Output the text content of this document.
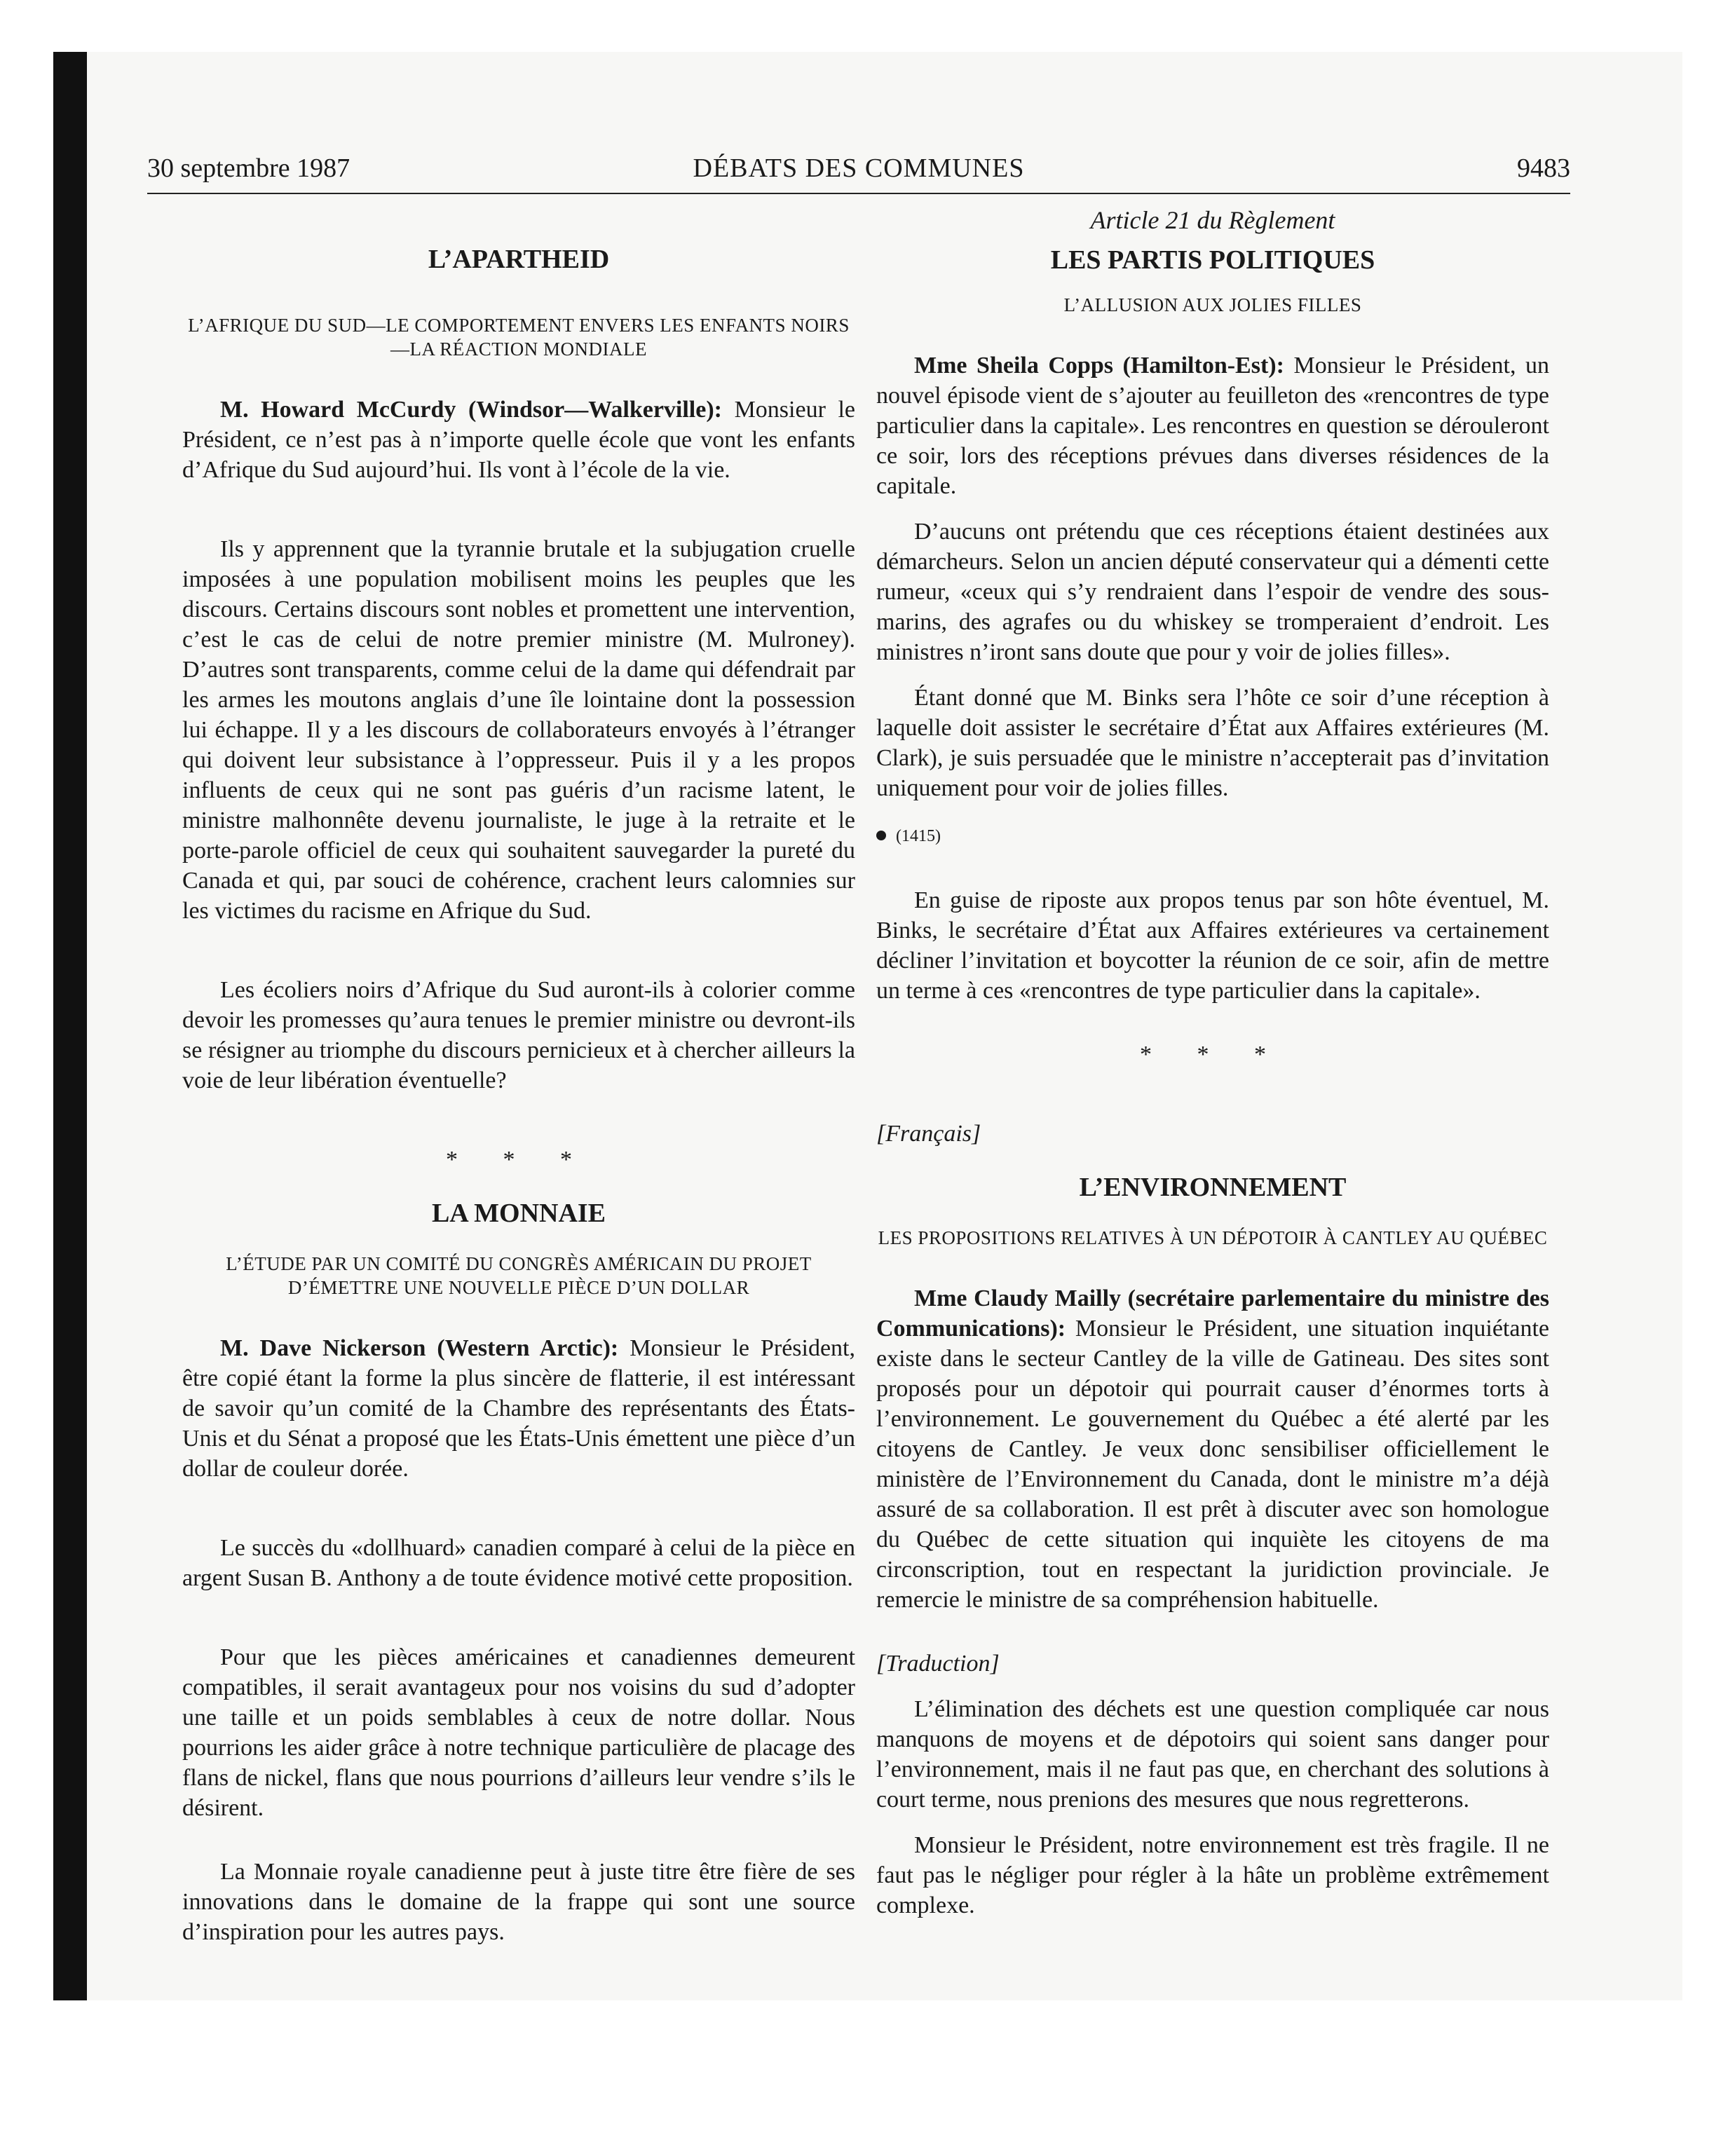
DÉBATS DES COMMUNES
30 septembre 1987	9483

L’APARTHEID

L’AFRIQUE DU SUD—LE COMPORTEMENT ENVERS LES ENFANTS NOIRS—LA RÉACTION MONDIALE

M. Howard McCurdy (Windsor—Walkerville): Monsieur le Président, ce n’est pas à n’importe quelle école que vont les enfants d’Afrique du Sud aujourd’hui. Ils vont à l’école de la vie.

Ils y apprennent que la tyrannie brutale et la subjugation cruelle imposées à une population mobilisent moins les peuples que les discours. Certains discours sont nobles et promettent une intervention, c’est le cas de celui de notre premier ministre (M. Mulroney). D’autres sont transparents, comme celui de la dame qui défendrait par les armes les moutons anglais d’une île lointaine dont la possession lui échappe. Il y a les discours de collaborateurs envoyés à l’étranger qui doivent leur subsistance à l’oppresseur. Puis il y a les propos influents de ceux qui ne sont pas guéris d’un racisme latent, le ministre malhonnête devenu journaliste, le juge à la retraite et le porte-parole officiel de ceux qui souhaitent sauvegarder la pureté du Canada et qui, par souci de cohérence, crachent leurs calomnies sur les victimes du racisme en Afrique du Sud.

Les écoliers noirs d’Afrique du Sud auront-ils à colorier comme devoir les promesses qu’aura tenues le premier ministre ou devront-ils se résigner au triomphe du discours pernicieux et à chercher ailleurs la voie de leur libération éventuelle?

* * *

LA MONNAIE

L’ÉTUDE PAR UN COMITÉ DU CONGRÈS AMÉRICAIN DU PROJET D’ÉMETTRE UNE NOUVELLE PIÈCE D’UN DOLLAR

M. Dave Nickerson (Western Arctic): Monsieur le Président, être copié étant la forme la plus sincère de flatterie, il est intéressant de savoir qu’un comité de la Chambre des représentants des États-Unis et du Sénat a proposé que les États-Unis émettent une pièce d’un dollar de couleur dorée.

Le succès du «dollhuard» canadien comparé à celui de la pièce en argent Susan B. Anthony a de toute évidence motivé cette proposition.

Pour que les pièces américaines et canadiennes demeurent compatibles, il serait avantageux pour nos voisins du sud d’adopter une taille et un poids semblables à ceux de notre dollar. Nous pourrions les aider grâce à notre technique particulière de placage des flans de nickel, flans que nous pourrions d’ailleurs leur vendre s’ils le désirent.

La Monnaie royale canadienne peut à juste titre être fière de ses innovations dans le domaine de la frappe qui sont une source d’inspiration pour les autres pays.

Article 21 du Règlement

LES PARTIS POLITIQUES

L’ALLUSION AUX JOLIES FILLES

Mme Sheila Copps (Hamilton-Est): Monsieur le Président, un nouvel épisode vient de s’ajouter au feuilleton des «rencontres de type particulier dans la capitale». Les rencontres en question se dérouleront ce soir, lors des réceptions prévues dans diverses résidences de la capitale.

D’aucuns ont prétendu que ces réceptions étaient destinées aux démarcheurs. Selon un ancien député conservateur qui a démenti cette rumeur, «ceux qui s’y rendraient dans l’espoir de vendre des sous-marins, des agrafes ou du whiskey se tromperaient d’endroit. Les ministres n’iront sans doute que pour y voir de jolies filles».

Étant donné que M. Binks sera l’hôte ce soir d’une réception à laquelle doit assister le secrétaire d’État aux Affaires extérieures (M. Clark), je suis persuadée que le ministre n’accepterait pas d’invitation uniquement pour voir de jolies filles.

(1415)

En guise de riposte aux propos tenus par son hôte éventuel, M. Binks, le secrétaire d’État aux Affaires extérieures va certainement décliner l’invitation et boycotter la réunion de ce soir, afin de mettre un terme à ces «rencontres de type particulier dans la capitale».

* * *

[Français]

L’ENVIRONNEMENT

LES PROPOSITIONS RELATIVES À UN DÉPOTOIR À CANTLEY AU QUÉBEC

Mme Claudy Mailly (secrétaire parlementaire du ministre des Communications): Monsieur le Président, une situation inquiétante existe dans le secteur Cantley de la ville de Gatineau. Des sites sont proposés pour un dépotoir qui pourrait causer d’énormes torts à l’environnement. Le gouvernement du Québec a été alerté par les citoyens de Cantley. Je veux donc sensibiliser officiellement le ministère de l’Environnement du Canada, dont le ministre m’a déjà assuré de sa collaboration. Il est prêt à discuter avec son homologue du Québec de cette situation qui inquiète les citoyens de ma circonscription, tout en respectant la juridiction provinciale. Je remercie le ministre de sa compréhension habituelle.

[Traduction]

L’élimination des déchets est une question compliquée car nous manquons de moyens et de dépotoirs qui soient sans danger pour l’environnement, mais il ne faut pas que, en cherchant des solutions à court terme, nous prenions des mesures que nous regretterons.

Monsieur le Président, notre environnement est très fragile. Il ne faut pas le négliger pour régler à la hâte un problème extrêmement complexe.
